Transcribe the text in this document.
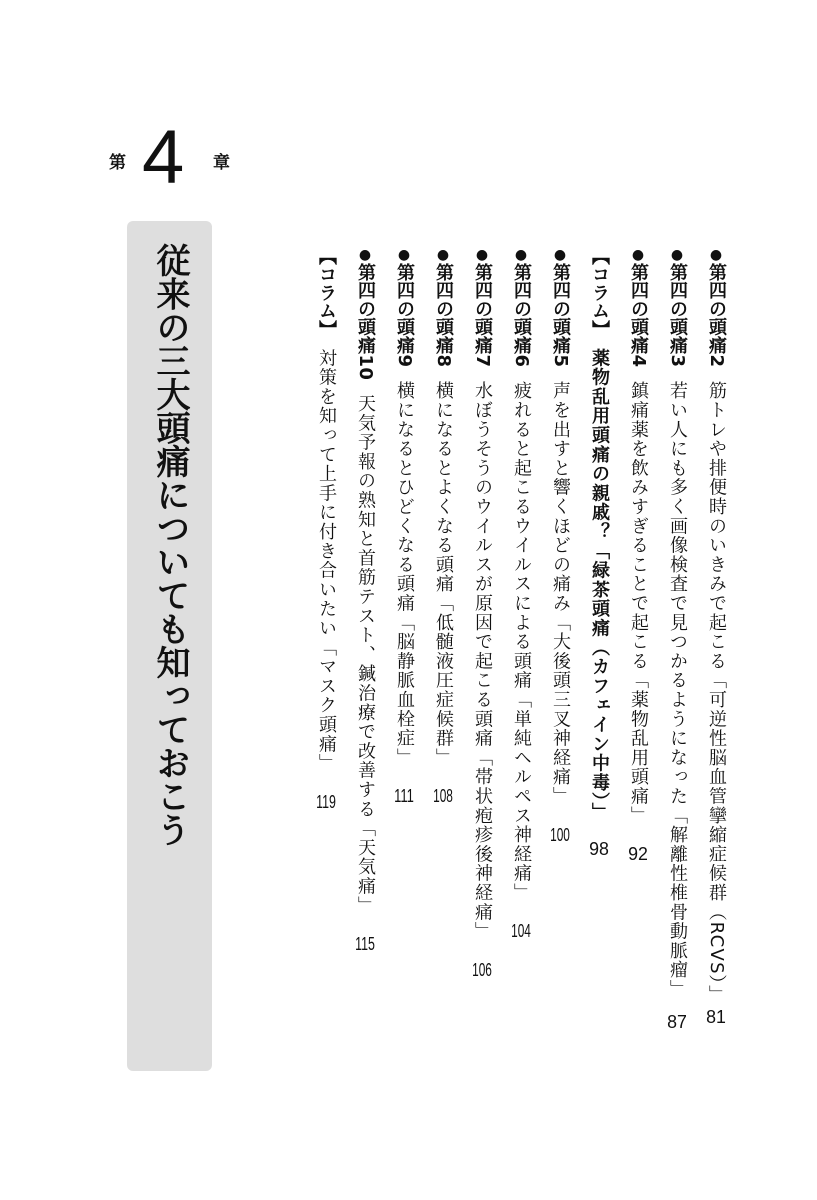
第 4 章
従来の三大頭痛についても知っておこう	●第四の頭痛2筋トレや排便時のいきみで起こる「可逆性脳血管攣縮症候群（RCVS）」81
●第四の頭痛3若い人にも多く画像検査で見つかるようになった「解離性椎骨動脈瘤」87
●第四の頭痛4鎮痛薬を飲みすぎることで起こる「薬物乱用頭痛」92
【コラム】薬物乱用頭痛の親戚？「緑茶頭痛（カフェイン中毒）」98
●第四の頭痛5声を出すと響くほどの痛み「大後頭三叉神経痛」100
●第四の頭痛6疲れると起こるウイルスによる頭痛「単純ヘルペス神経痛」104
●第四の頭痛7水ぼうそうのウイルスが原因で起こる頭痛「帯状疱疹後神経痛」106
●第四の頭痛8横になるとよくなる頭痛「低髄液圧症候群」108
●第四の頭痛9横になるとひどくなる頭痛「脳静脈血栓症」111
●第四の頭痛10天気予報の熟知と首筋テスト、鍼治療で改善する「天気痛」115
【コラム】対策を知って上手に付き合いたい「マスク頭痛」119
